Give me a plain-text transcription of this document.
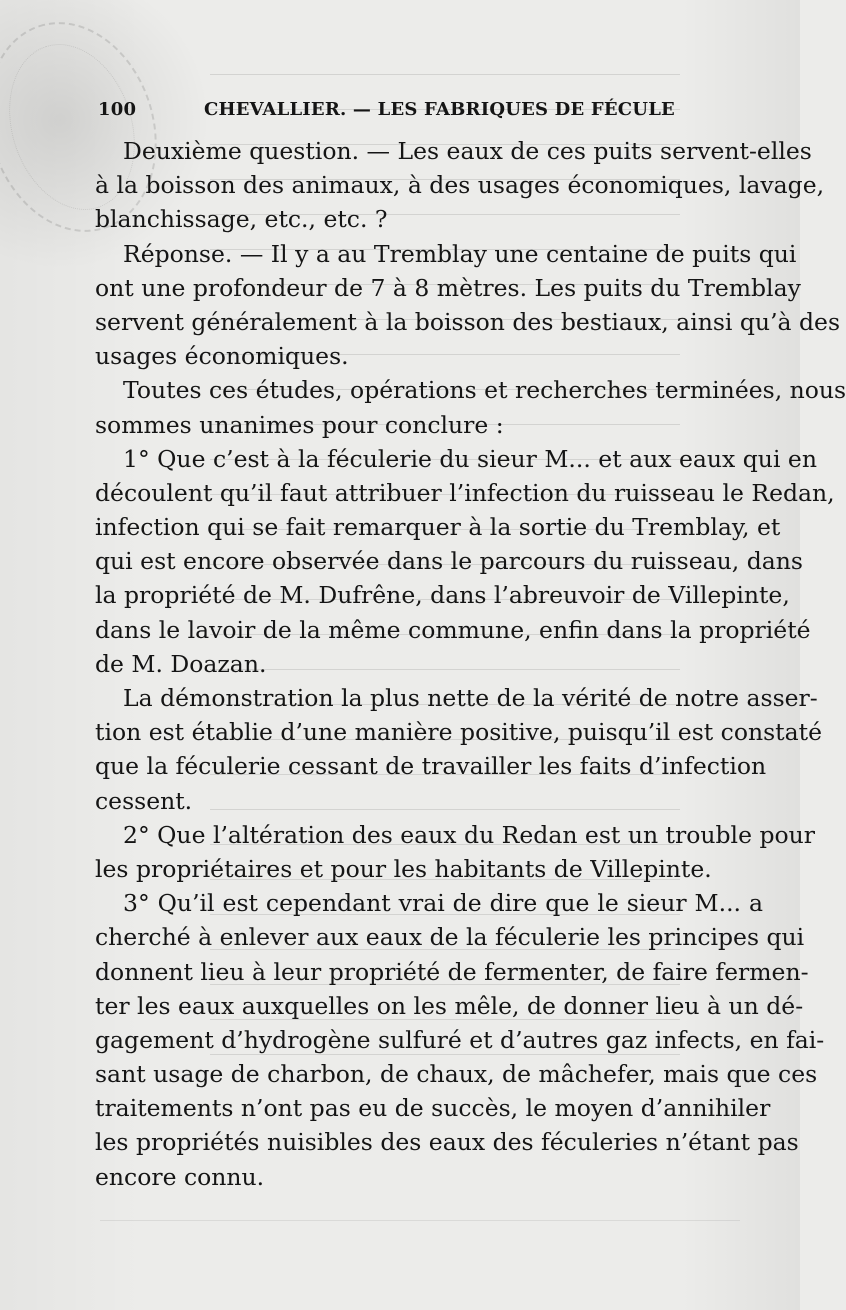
100	CHEVALLIER. — LES FABRIQUES DE FÉCULE
Deuxième question. — Les eaux de ces puits servent-elles
à la boisson des animaux, à des usages économiques, lavage,
blanchissage, etc., etc. ?
Réponse. — Il y a au Tremblay une centaine de puits qui
ont une profondeur de 7 à 8 mètres. Les puits du Tremblay
servent généralement à la boisson des bestiaux, ainsi qu’à des
usages économiques.
Toutes ces études, opérations et recherches terminées, nous
sommes unanimes pour conclure :
1° Que c’est à la féculerie du sieur M... et aux eaux qui en
découlent qu’il faut attribuer l’infection du ruisseau le Redan,
infection qui se fait remarquer à la sortie du Tremblay, et
qui est encore observée dans le parcours du ruisseau, dans
la propriété de M. Dufrêne, dans l’abreuvoir de Villepinte,
dans le lavoir de la même commune, enfin dans la propriété
de M. Doazan.
La démonstration la plus nette de la vérité de notre asser-
tion est établie d’une manière positive, puisqu’il est constaté
que la féculerie cessant de travailler les faits d’infection
cessent.
2° Que l’altération des eaux du Redan est un trouble pour
les propriétaires et pour les habitants de Villepinte.
3° Qu’il est cependant vrai de dire que le sieur M... a
cherché à enlever aux eaux de la féculerie les principes qui
donnent lieu à leur propriété de fermenter, de faire fermen-
ter les eaux auxquelles on les mêle, de donner lieu à un dé-
gagement d’hydrogène sulfuré et d’autres gaz infects, en fai-
sant usage de charbon, de chaux, de mâchefer, mais que ces
traitements n’ont pas eu de succès, le moyen d’annihiler
les propriétés nuisibles des eaux des féculeries n’étant pas
encore connu.
